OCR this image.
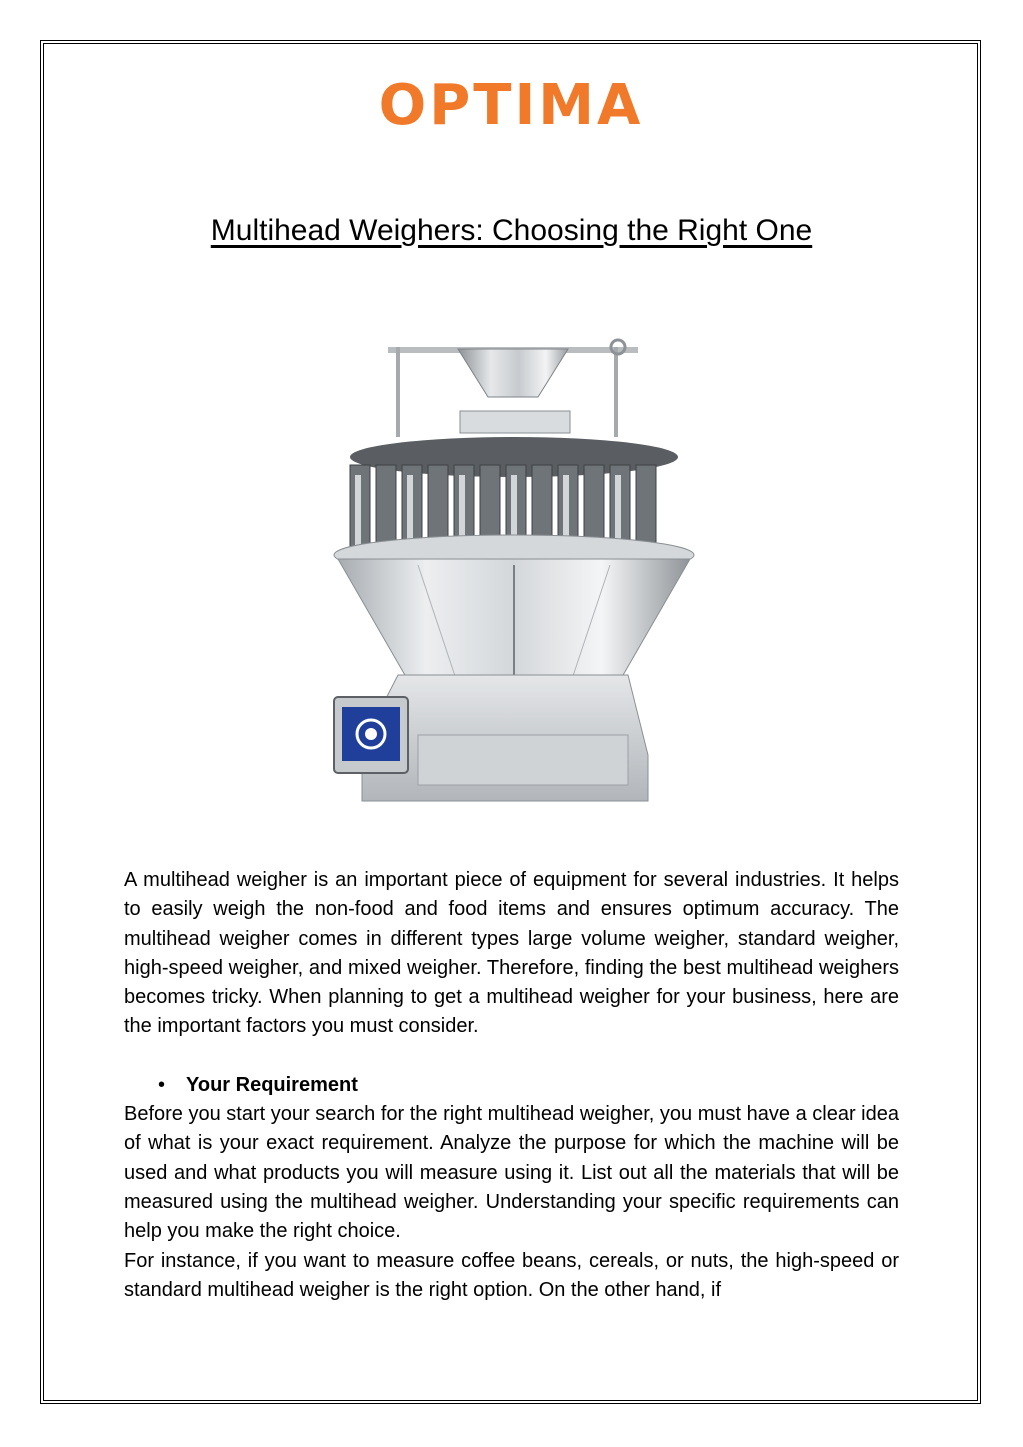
OPTIMA
Multihead Weighers: Choosing the Right One

A multihead weigher is an important piece of equipment for several industries. It helps to easily weigh the non-food and food items and ensures optimum accuracy. The multihead weigher comes in different types large volume weigher, standard weigher, high-speed weigher, and mixed weigher. Therefore, finding the best multihead weighers becomes tricky. When planning to get a multihead weigher for your business, here are the important factors you must consider.

• Your Requirement

Before you start your search for the right multihead weigher, you must have a clear idea of what is your exact requirement. Analyze the purpose for which the machine will be used and what products you will measure using it. List out all the materials that will be measured using the multihead weigher. Understanding your specific requirements can help you make the right choice.

For instance, if you want to measure coffee beans, cereals, or nuts, the high-speed or standard multihead weigher is the right option. On the other hand, if
